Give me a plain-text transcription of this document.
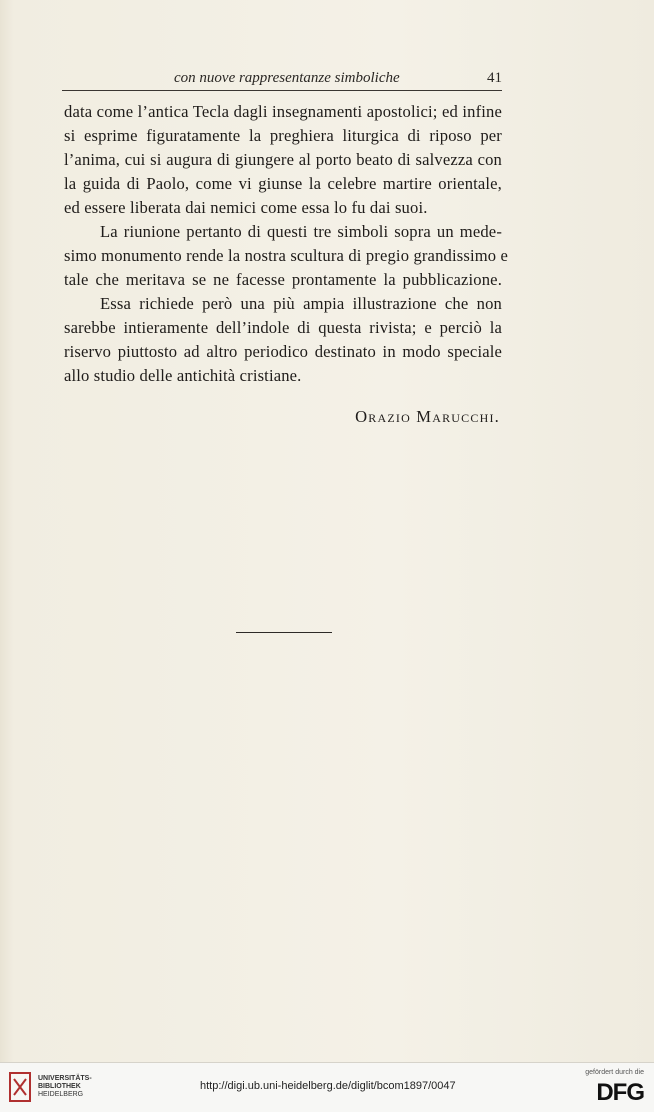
con nuove rappresentanze simboliche	41
data come l’antica Tecla dagli insegnamenti apostolici; ed infine
si esprime figuratamente la preghiera liturgica di riposo per
l’anima, cui si augura di giungere al porto beato di salvezza con
la guida di Paolo, come vi giunse la celebre martire orientale,
ed essere liberata dai nemici come essa lo fu dai suoi.
La riunione pertanto di questi tre simboli sopra un mede-
simo monumento rende la nostra scultura di pregio grandissimo e
tale che meritava se ne facesse prontamente la pubblicazione.
Essa richiede però una più ampia illustrazione che non
sarebbe intieramente dell’indole di questa rivista; e perciò la
riservo piuttosto ad altro periodico destinato in modo speciale
allo studio delle antichità cristiane.
Orazio Marucchi.
UNIVERSITÄTS-
BIBLIOTHEK
HEIDELBERG
http://digi.ub.uni-heidelberg.de/diglit/bcom1897/0047
gefördert durch die
DFG
